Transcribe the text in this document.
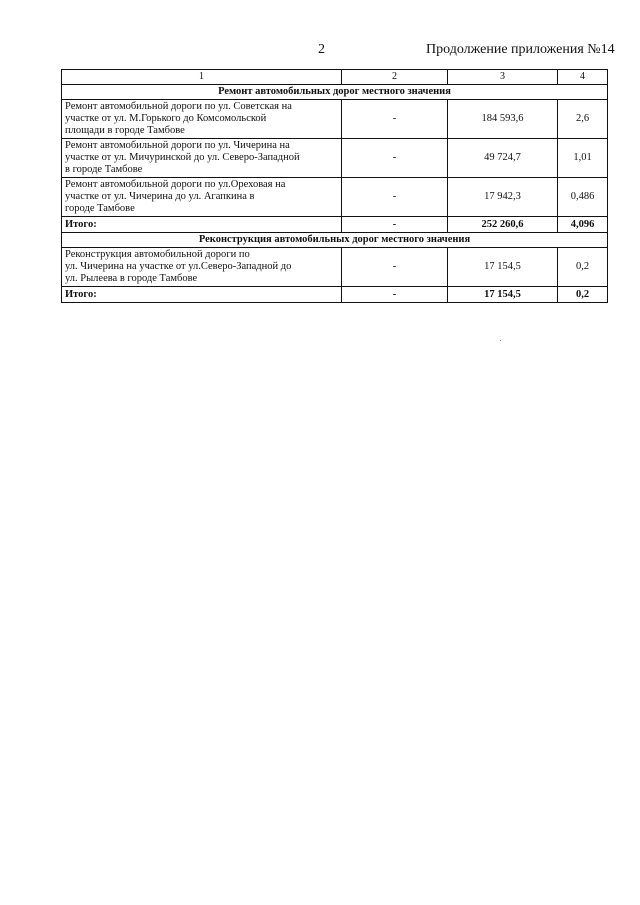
2	Продолжение приложения №14
1	2	3	4
Ремонт автомобильных дорог местного значения			

Ремонт автомобильной дороги по ул. Советская на
участке от ул. М.Горького до Комсомольской
площади в городе Тамбове	-	184 593,6	2,6

Ремонт автомобильной дороги по ул. Чичерина на
участке от ул. Мичуринской до ул. Северо-Западной
в городе Тамбове	-	49 724,7	1,01

Ремонт автомобильной дороги по ул.Ореховая на
участке от ул. Чичерина до ул. Агапкина в
городе Тамбове	-	17 942,3	0,486
Итого:	-	252 260,6	4,096
Реконструкция автомобильных дорог местного значения			

Реконструкция автомобильной дороги по
ул. Чичерина на участке от ул.Северо-Западной до
ул. Рылеева в городе Тамбове	-	17 154,5	0,2
Итого:	-	17 154,5	0,2
